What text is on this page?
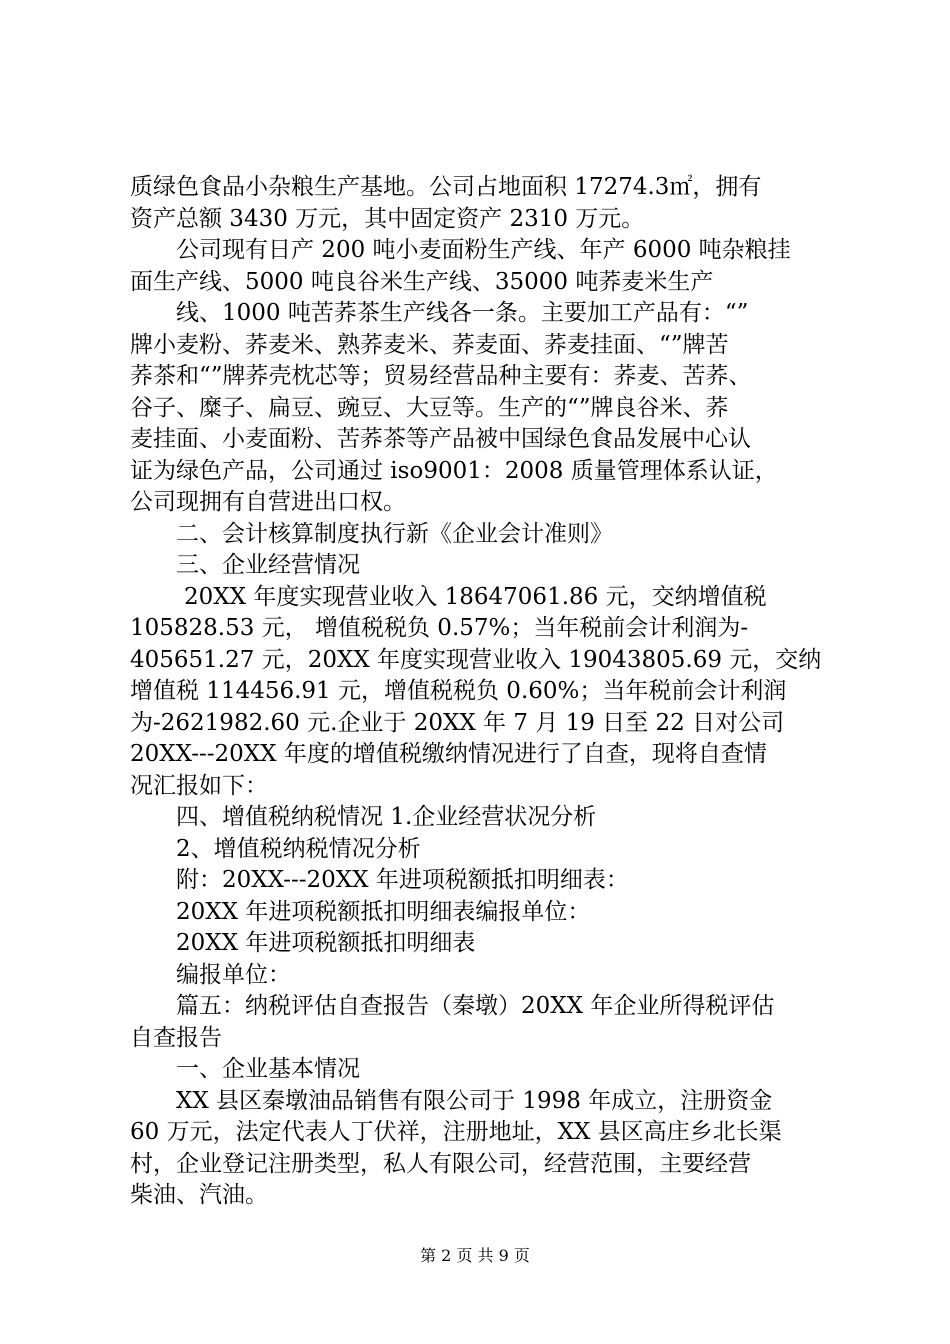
质绿色食品小杂粮生产基地。公司占地面积 17274.3㎡，拥有
资产总额 3430 万元，其中固定资产 2310 万元。
公司现有日产 200 吨小麦面粉生产线、年产 6000 吨杂粮挂
面生产线、5000 吨良谷米生产线、35000 吨荞麦米生产
线、1000 吨苦荞茶生产线各一条。主要加工产品有：“”
牌小麦粉、荞麦米、熟荞麦米、荞麦面、荞麦挂面、“”牌苦
荞茶和“”牌荞壳枕芯等；贸易经营品种主要有：荞麦、苦荞、
谷子、糜子、扁豆、豌豆、大豆等。生产的“”牌良谷米、荞
麦挂面、小麦面粉、苦荞茶等产品被中国绿色食品发展中心认
证为绿色产品，公司通过 iso9001：2008 质量管理体系认证，
公司现拥有自营进出口权。
二、会计核算制度执行新《企业会计准则》
三、企业经营情况
20XX 年度实现营业收入 18647061.86 元，交纳增值税
105828.53 元， 增值税税负 0.57%；当年税前会计利润为-
405651.27 元，20XX 年度实现营业收入 19043805.69 元，交纳
增值税 114456.91 元，增值税税负 0.60%；当年税前会计利润
为-2621982.60 元.企业于 20XX 年 7 月 19 日至 22 日对公司
20XX---20XX 年度的增值税缴纳情况进行了自查，现将自查情
况汇报如下：
四、增值税纳税情况 1.企业经营状况分析
2、增值税纳税情况分析
附：20XX---20XX 年进项税额抵扣明细表：
20XX 年进项税额抵扣明细表编报单位：
20XX 年进项税额抵扣明细表
编报单位：
篇五：纳税评估自查报告（秦墩）20XX 年企业所得税评估
自查报告
一、企业基本情况
XX 县区秦墩油品销售有限公司于 1998 年成立，注册资金
60 万元，法定代表人丁伏祥，注册地址，XX 县区高庄乡北长渠
村，企业登记注册类型，私人有限公司，经营范围，主要经营
柴油、汽油。
第 2 页 共 9 页
